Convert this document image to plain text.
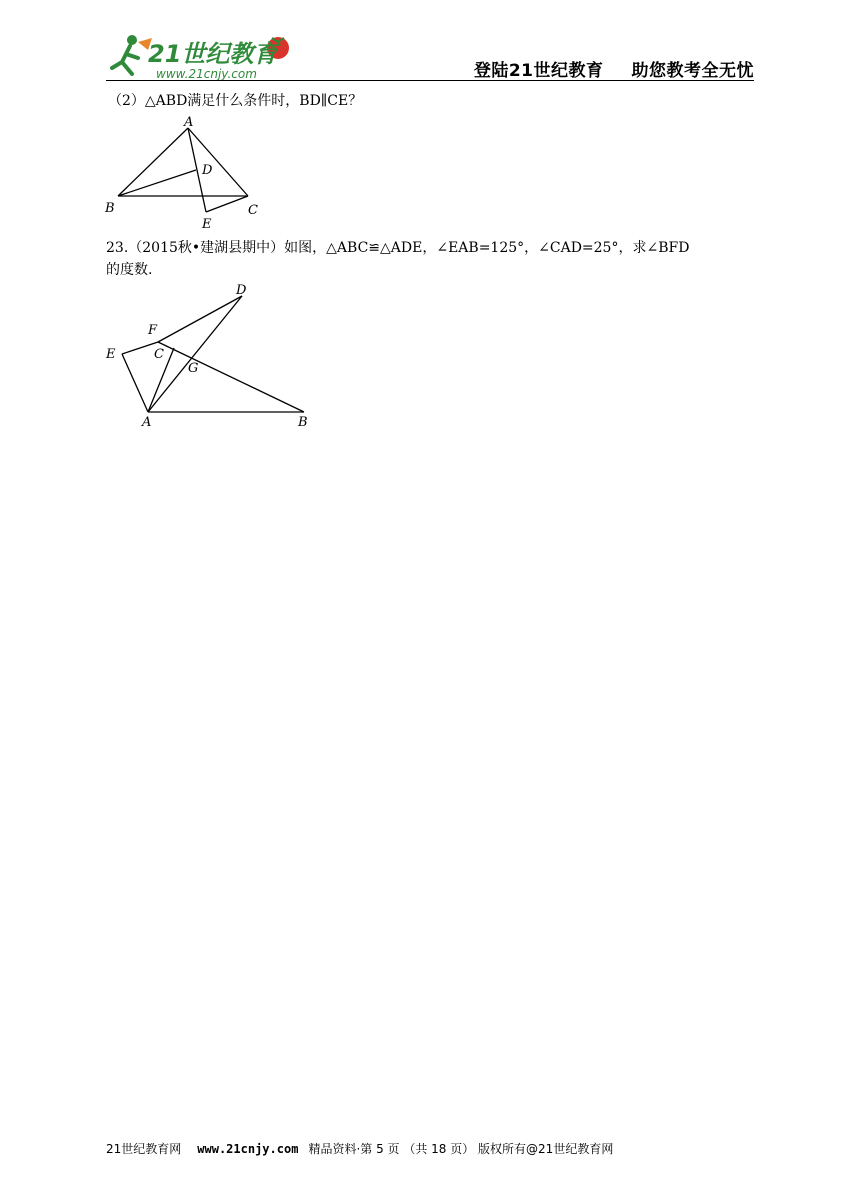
21世纪教育
www.21cnjy.com	登陆21世纪教育 助您教考全无忧
（2）△ABD满足什么条件时，BD∥CE？
A
B	C
D
E
23.（2015秋•建湖县期中）如图，△ABC≌△ADE，∠EAB=125°，∠CAD=25°，求∠BFD
的度数.
D
F
E	C
G
A	B
21世纪教育网 www.21cnjy.com 精品资料·第 5 页 （共 18 页） 版权所有@21世纪教育网
